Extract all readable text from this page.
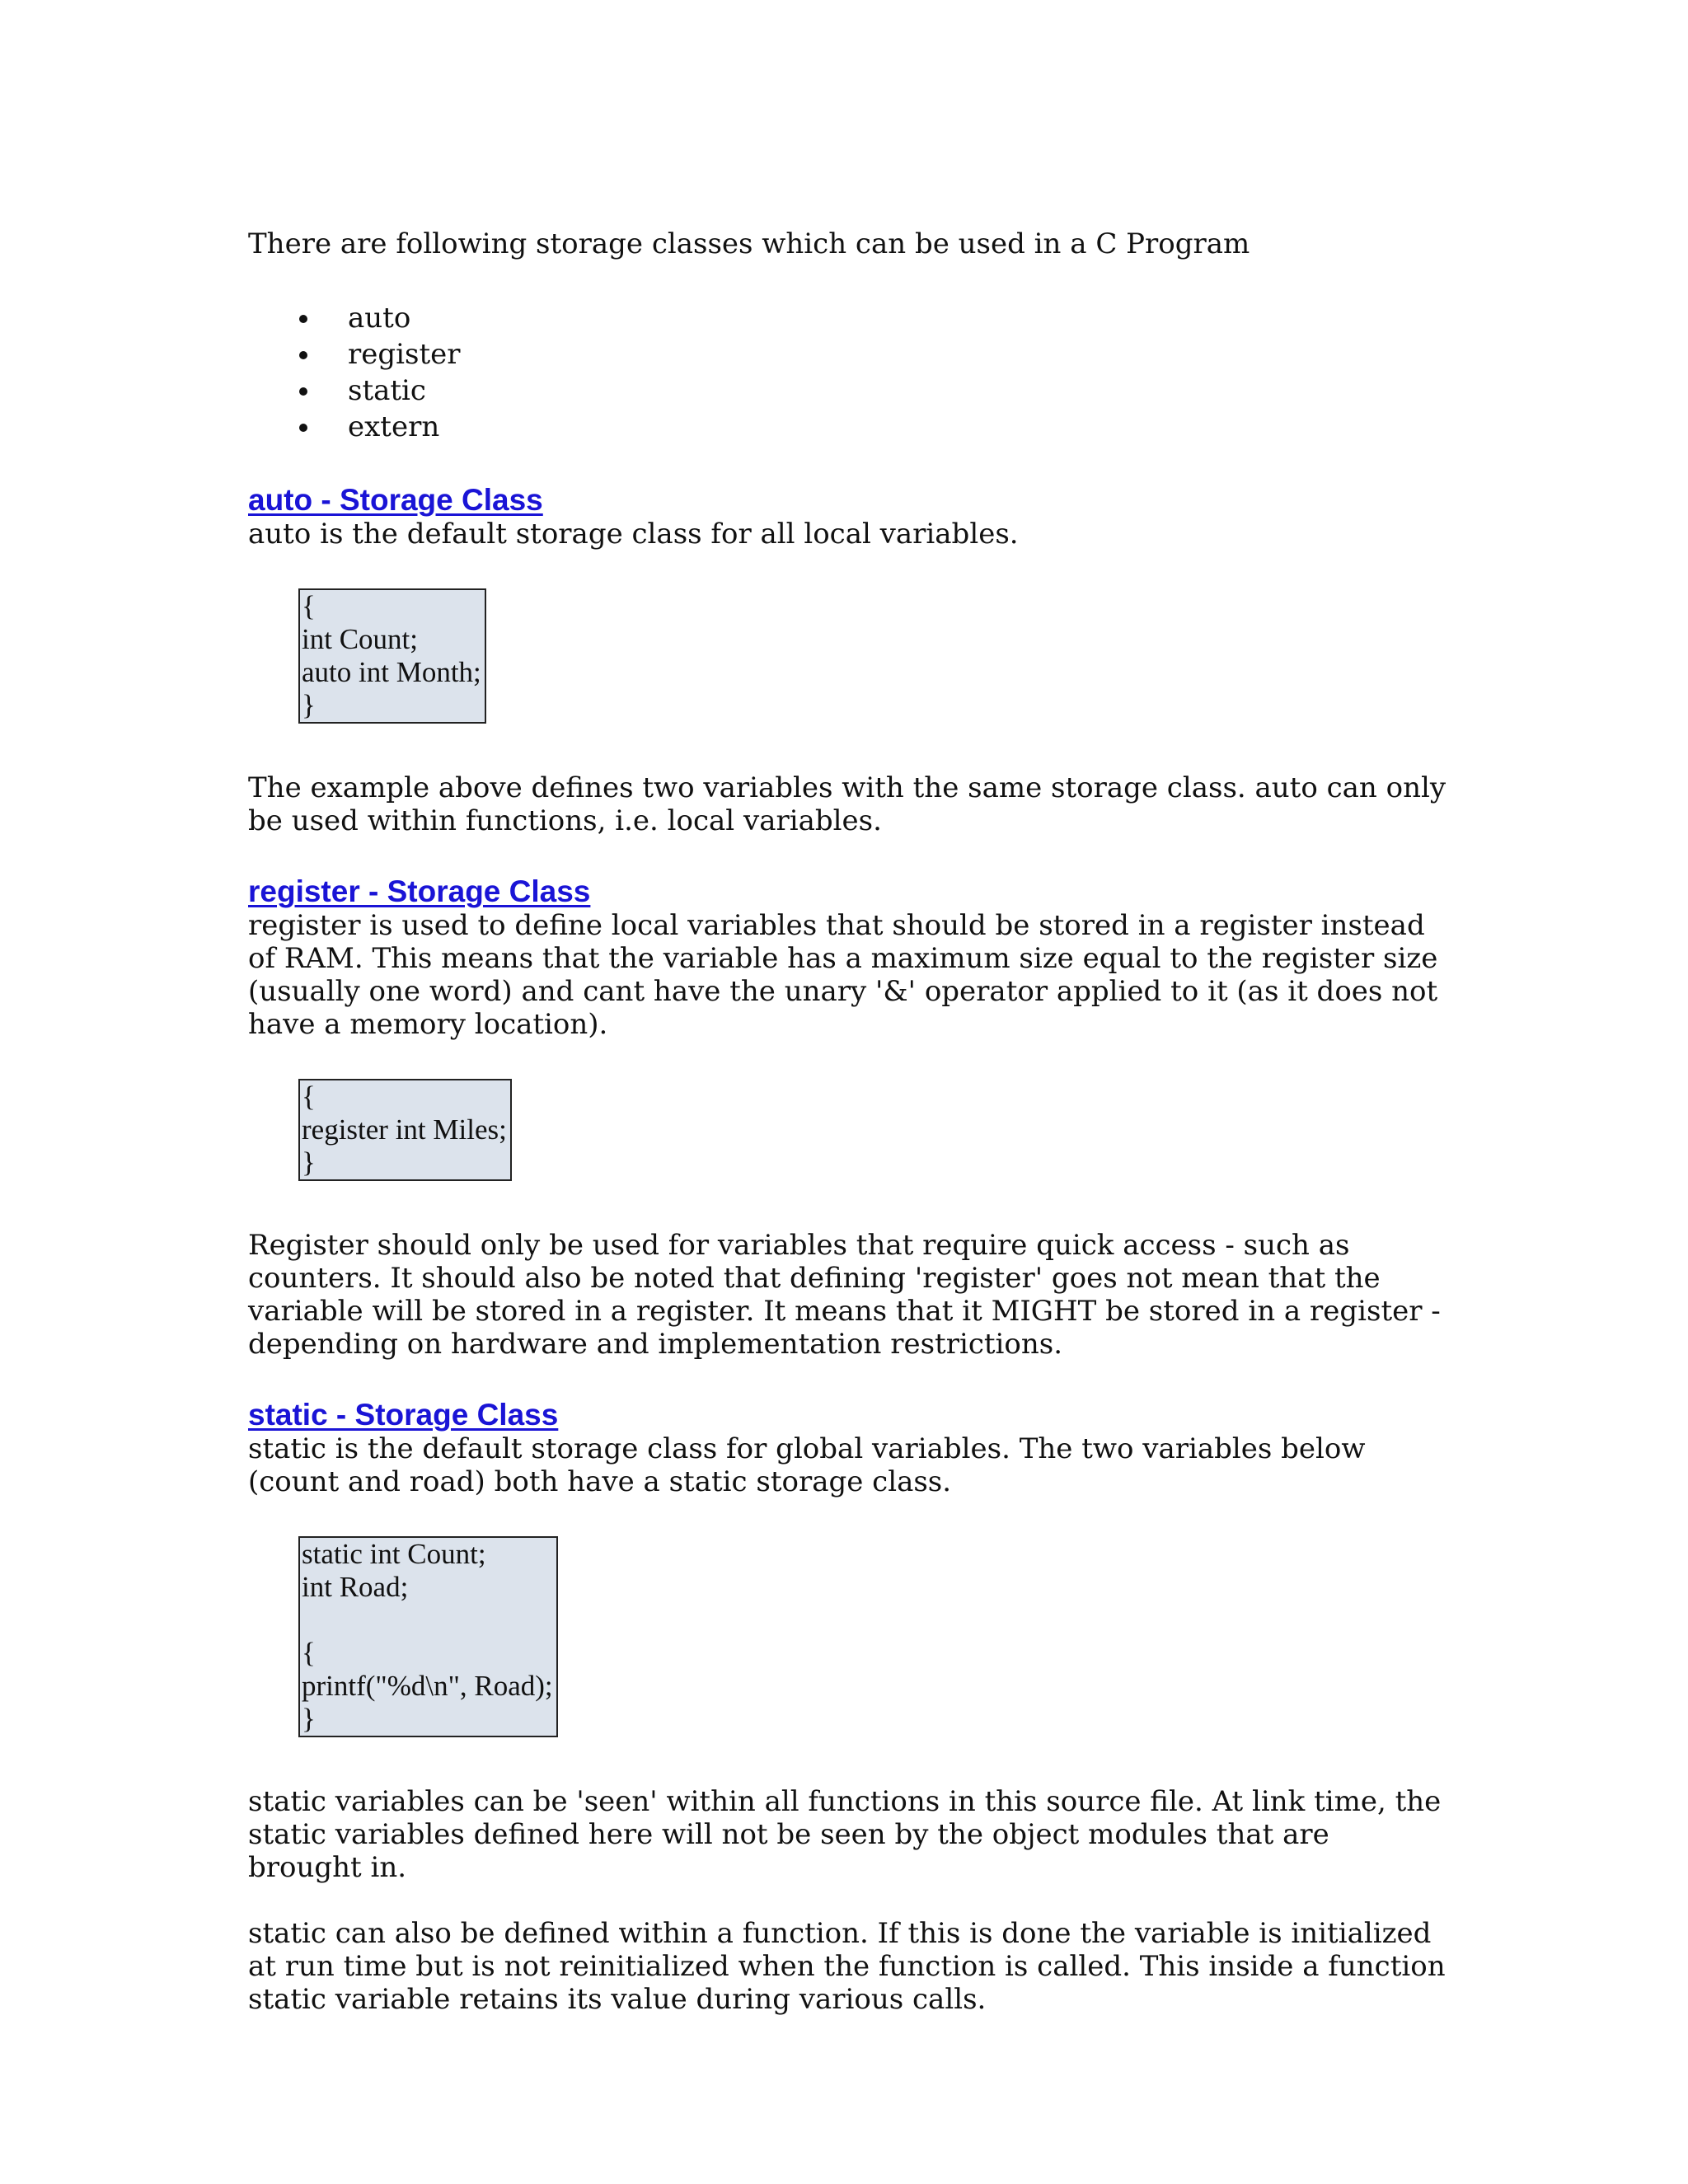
There are following storage classes which can be used in a C Program

auto
register
static
extern
auto - Storage Class

auto is the default storage class for all local variables.

{
int Count;
auto int Month;
}

The example above defines two variables with the same storage class. auto can only be used within functions, i.e. local variables.

register - Storage Class

register is used to define local variables that should be stored in a register instead of RAM. This means that the variable has a maximum size equal to the register size (usually one word) and cant have the unary '&' operator applied to it (as it does not have a memory location).

{
register int Miles;
}

Register should only be used for variables that require quick access - such as counters. It should also be noted that defining 'register' goes not mean that the variable will be stored in a register. It means that it MIGHT be stored in a register - depending on hardware and implementation restrictions.

static - Storage Class

static is the default storage class for global variables. The two variables below (count and road) both have a static storage class.

static int Count;
int Road;

{
printf("%d\n", Road);
}

static variables can be 'seen' within all functions in this source file. At link time, the static variables defined here will not be seen by the object modules that are brought in.

static can also be defined within a function. If this is done the variable is initialized at run time but is not reinitialized when the function is called. This inside a function static variable retains its value during various calls.
